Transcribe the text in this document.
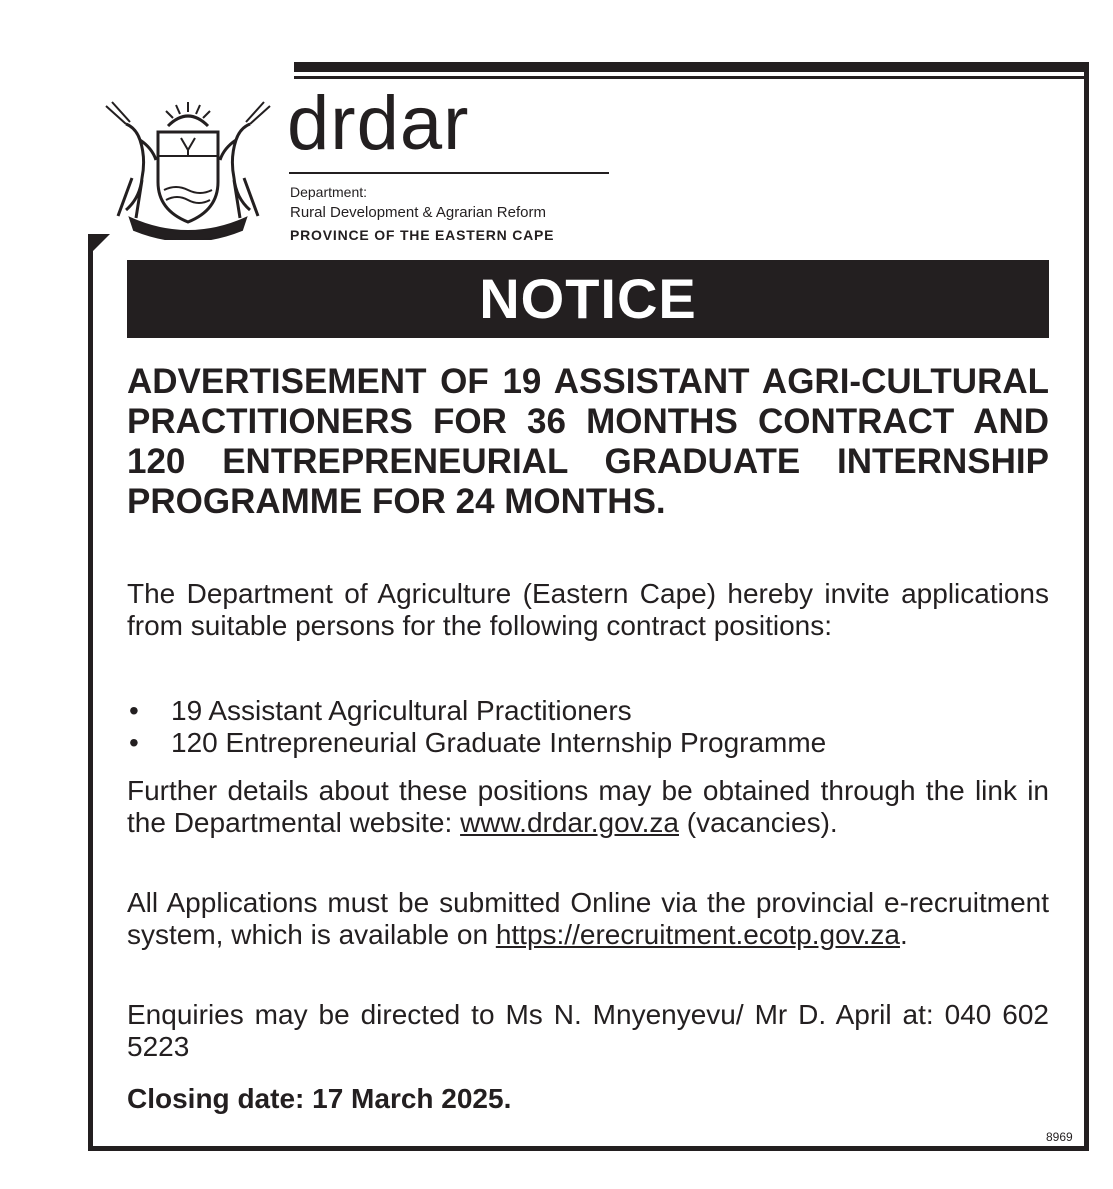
drdar
Department:
Rural Development & Agrarian Reform
PROVINCE OF THE EASTERN CAPE
NOTICE

ADVERTISEMENT OF 19 ASSISTANT AGRI-CULTURAL PRACTITIONERS FOR 36 MONTHS CONTRACT AND 120 ENTREPRENEURIAL GRADUATE INTERNSHIP PROGRAMME FOR 24 MONTHS.

The Department of Agriculture (Eastern Cape) hereby invite applications from suitable persons for the following contract positions:

• 19 Assistant Agricultural Practitioners
• 120 Entrepreneurial Graduate Internship Programme

Further details about these positions may be obtained through the link in the Departmental website: www.drdar.gov.za (vacancies).

All Applications must be submitted Online via the provincial e-recruitment system, which is available on https://erecruitment.ecotp.gov.za.

Enquiries may be directed to Ms N. Mnyenyevu/ Mr D. April at: 040 602 5223

Closing date: 17 March 2025.
8969
